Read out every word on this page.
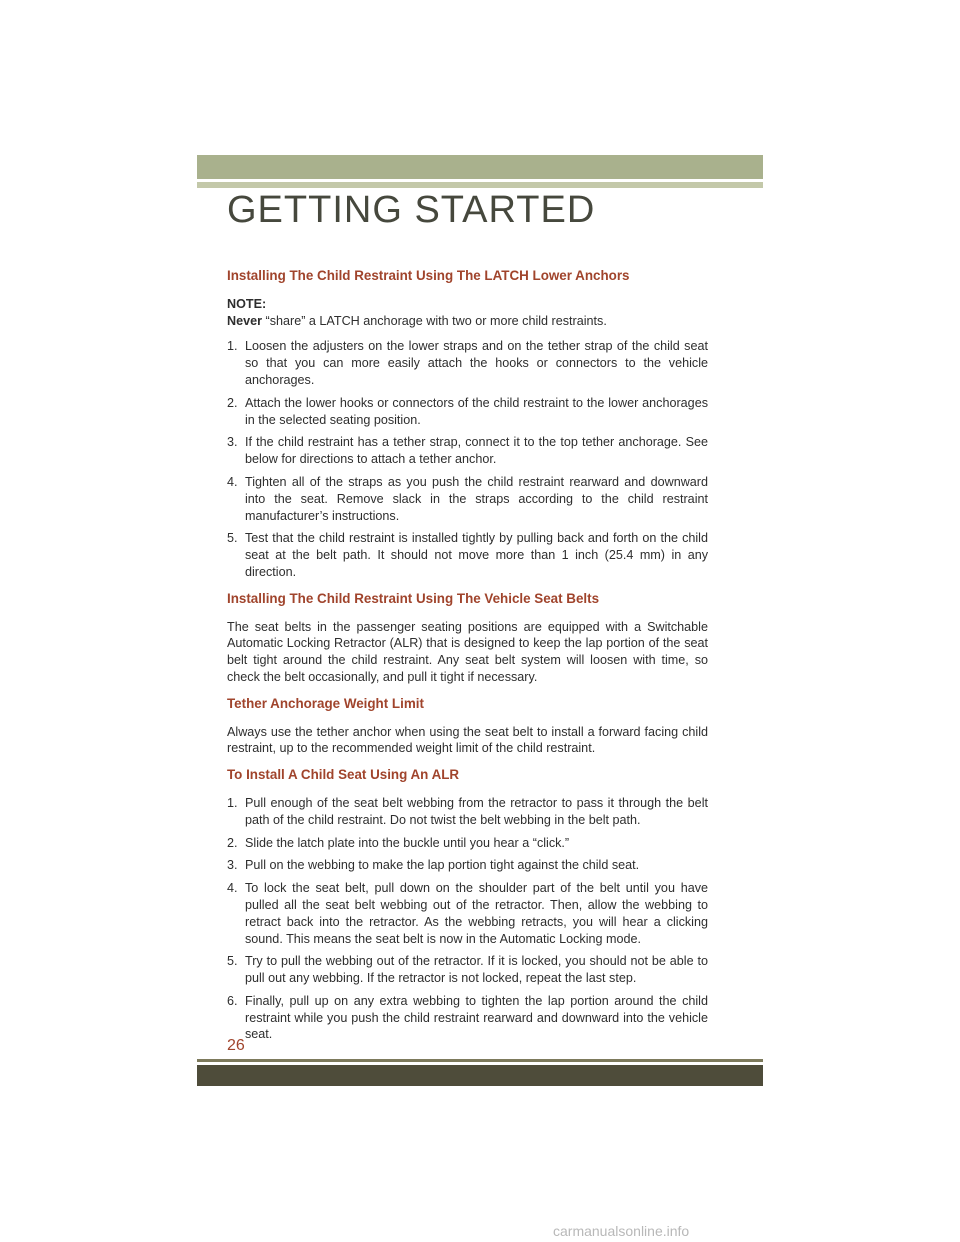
GETTING STARTED
Installing The Child Restraint Using The LATCH Lower Anchors

NOTE:

Never “share” a LATCH anchorage with two or more child restraints.

1. Loosen the adjusters on the lower straps and on the tether strap of the child seat so that you can more easily attach the hooks or connectors to the vehicle anchorages.
2. Attach the lower hooks or connectors of the child restraint to the lower anchorages in the selected seating position.
3. If the child restraint has a tether strap, connect it to the top tether anchorage. See below for directions to attach a tether anchor.
4. Tighten all of the straps as you push the child restraint rearward and downward into the seat. Remove slack in the straps according to the child restraint manufacturer’s instructions.
5. Test that the child restraint is installed tightly by pulling back and forth on the child seat at the belt path. It should not move more than 1 inch (25.4 mm) in any direction.
Installing The Child Restraint Using The Vehicle Seat Belts

The seat belts in the passenger seating positions are equipped with a Switchable Automatic Locking Retractor (ALR) that is designed to keep the lap portion of the seat belt tight around the child restraint. Any seat belt system will loosen with time, so check the belt occasionally, and pull it tight if necessary.

Tether Anchorage Weight Limit

Always use the tether anchor when using the seat belt to install a forward facing child restraint, up to the recommended weight limit of the child restraint.

To Install A Child Seat Using An ALR
1. Pull enough of the seat belt webbing from the retractor to pass it through the belt path of the child restraint. Do not twist the belt webbing in the belt path.
2. Slide the latch plate into the buckle until you hear a “click.”
3. Pull on the webbing to make the lap portion tight against the child seat.
4. To lock the seat belt, pull down on the shoulder part of the belt until you have pulled all the seat belt webbing out of the retractor. Then, allow the webbing to retract back into the retractor. As the webbing retracts, you will hear a clicking sound. This means the seat belt is now in the Automatic Locking mode.
5. Try to pull the webbing out of the retractor. If it is locked, you should not be able to pull out any webbing. If the retractor is not locked, repeat the last step.
6. Finally, pull up on any extra webbing to tighten the lap portion around the child restraint while you push the child restraint rearward and downward into the vehicle seat.
26
carmanualsonline.info
